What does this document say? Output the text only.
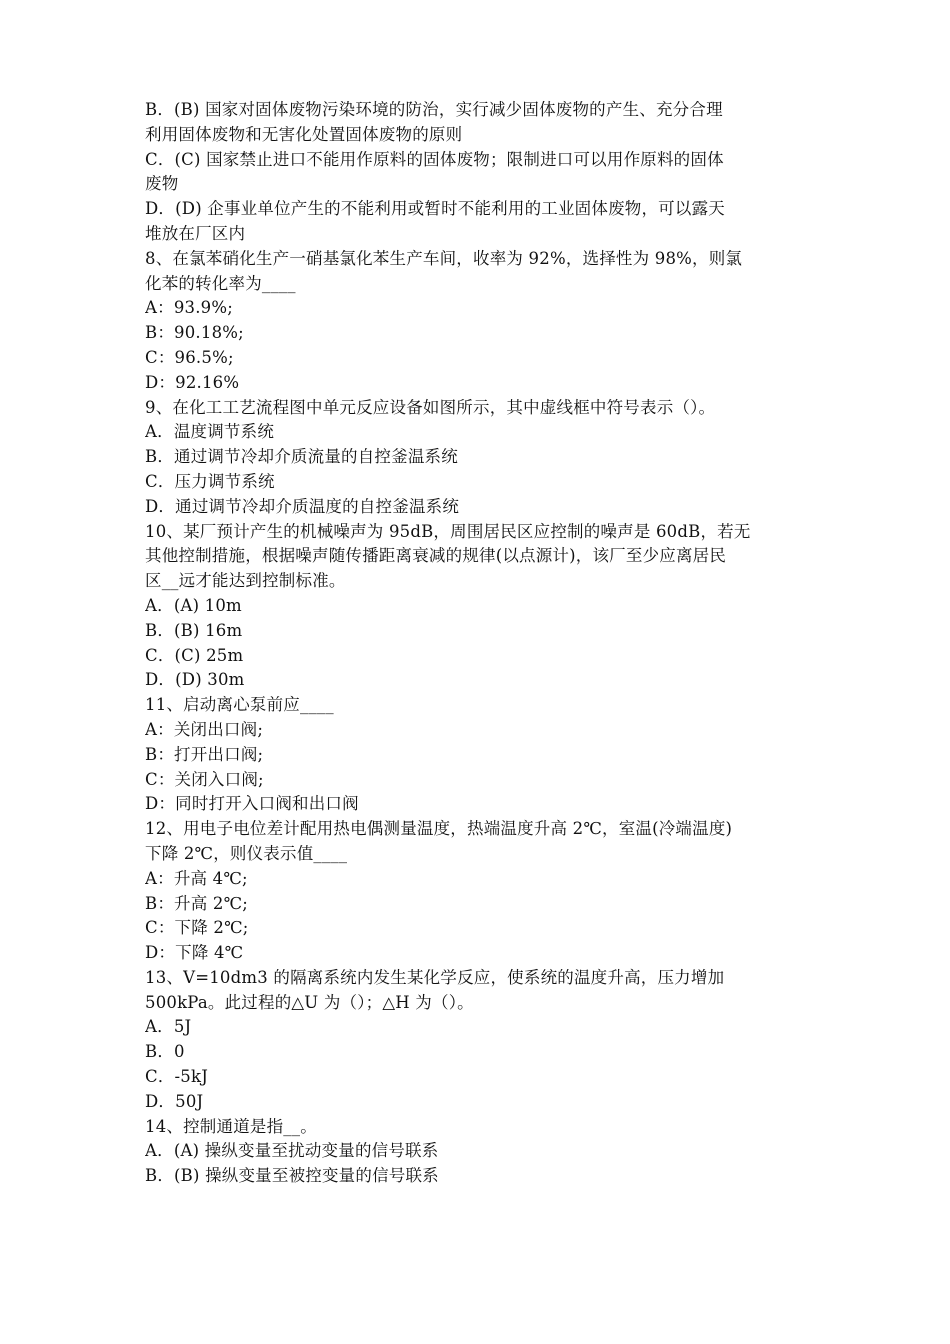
B．(B) 国家对固体废物污染环境的防治，实行减少固体废物的产生、充分合理
利用固体废物和无害化处置固体废物的原则
C．(C) 国家禁止进口不能用作原料的固体废物；限制进口可以用作原料的固体
废物
D．(D) 企事业单位产生的不能利用或暂时不能利用的工业固体废物，可以露天
堆放在厂区内
8、在氯苯硝化生产一硝基氯化苯生产车间，收率为 92%，选择性为 98%，则氯
化苯的转化率为____
A：93.9%;
B：90.18%;
C：96.5%;
D：92.16%
9、在化工工艺流程图中单元反应设备如图所示，其中虚线框中符号表示（）。
A．温度调节系统
B．通过调节冷却介质流量的自控釜温系统
C．压力调节系统
D．通过调节冷却介质温度的自控釜温系统
10、某厂预计产生的机械噪声为 95dB，周围居民区应控制的噪声是 60dB，若无
其他控制措施，根据噪声随传播距离衰减的规律(以点源计)，该厂至少应离居民
区__远才能达到控制标准。
A．(A) 10m
B．(B) 16m
C．(C) 25m
D．(D) 30m
11、启动离心泵前应____
A：关闭出口阀;
B：打开出口阀;
C：关闭入口阀;
D：同时打开入口阀和出口阀
12、用电子电位差计配用热电偶测量温度，热端温度升高 2℃，室温(冷端温度)
下降 2℃，则仪表示值____
A：升高 4℃;
B：升高 2℃;
C：下降 2℃;
D：下降 4℃
13、V=10dm3 的隔离系统内发生某化学反应，使系统的温度升高，压力增加
500kPa。此过程的△U 为（）；△H 为（）。
A．5J
B．0
C．-5kJ
D．50J
14、控制通道是指__。
A．(A) 操纵变量至扰动变量的信号联系
B．(B) 操纵变量至被控变量的信号联系
